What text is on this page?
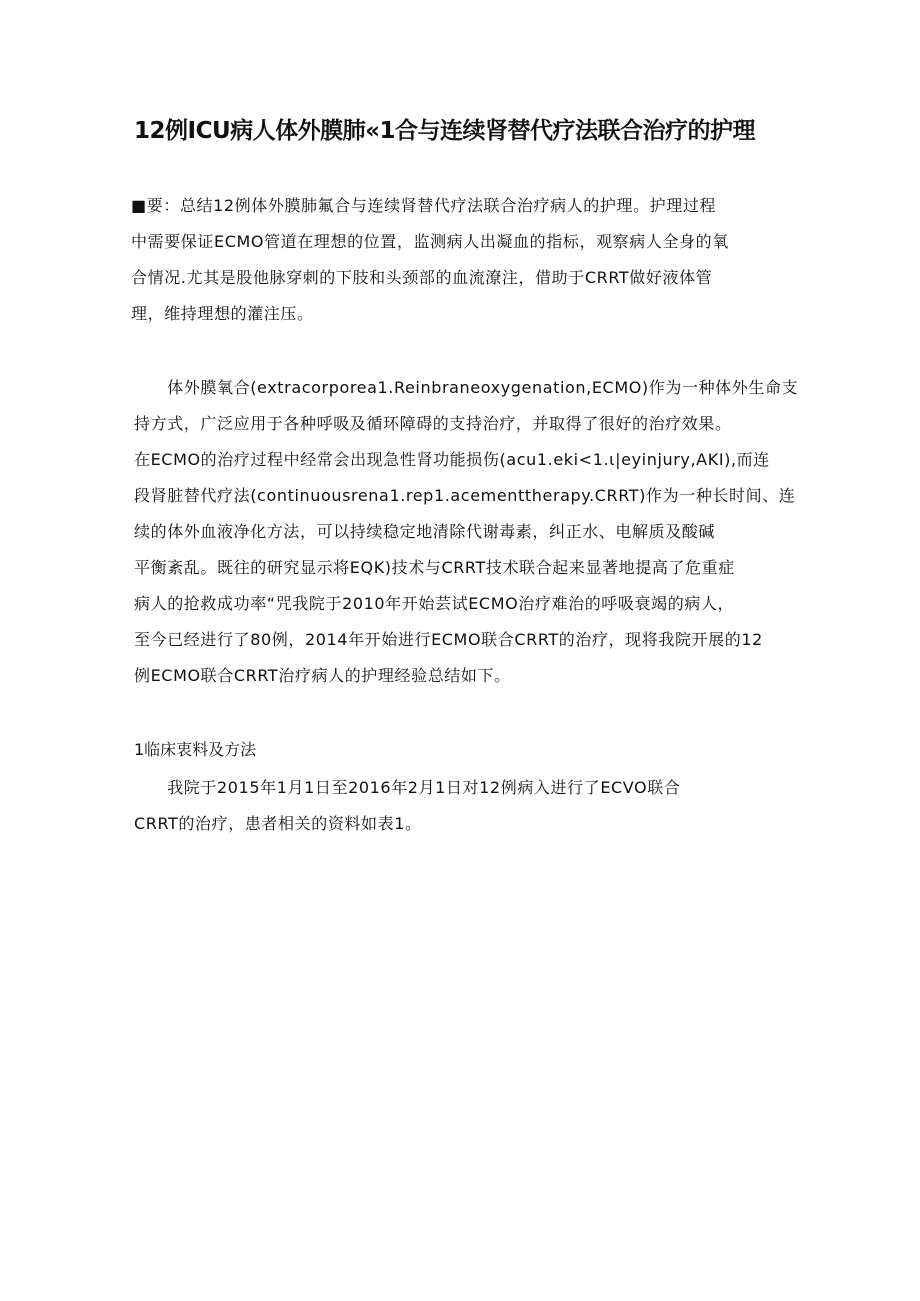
12例ICU病人体外膜肺«1合与连续肾替代疗法联合治疗的护理
■要：总结12例体外膜肺氟合与连续肾替代疗法联合治疗病人的护理。护理过程
中需要保证ECMO管道在理想的位置，监测病人出凝血的指标，观察病人全身的氧
合情况.尤其是股他脉穿刺的下肢和头颈部的血流潦注，借助于CRRT做好液体管
理，维持理想的灌注压。
　　体外膜氧合(extracorporea1.Reinbraneoxygenation,ECMO)作为一种体外生命支
持方式，广泛应用于各种呼吸及循环障碍的支持治疗，并取得了很好的治疗效果。
在ECMO的治疗过程中经常会出现急性肾功能损伤(acu1.eki<1.ι|eyinjury,AKI),而连
段肾脏替代疗法(continuousrena1.rep1.acementtherapy.CRRT)作为一种长时间、连
续的体外血液净化方法，可以持续稳定地清除代谢毒素，纠正水、电解质及酸碱
平衡紊乱。既往的研究显示将EQK)技术与CRRT技术联合起来显著地提高了危重症
病人的抢救成功率“咒我院于2010年开始芸试ECMO治疗难治的呼吸衰竭的病人，
至今已经进行了80例，2014年开始进行ECMO联合CRRT的治疗，现将我院开展的12
例ECMO联合CRRT治疗病人的护理经验总结如下。
1临床衷料及方法
　　我院于2015年1月1日至2016年2月1日对12例病入进行了ECVO联合
CRRT的治疗，患者相关的资料如表1。
